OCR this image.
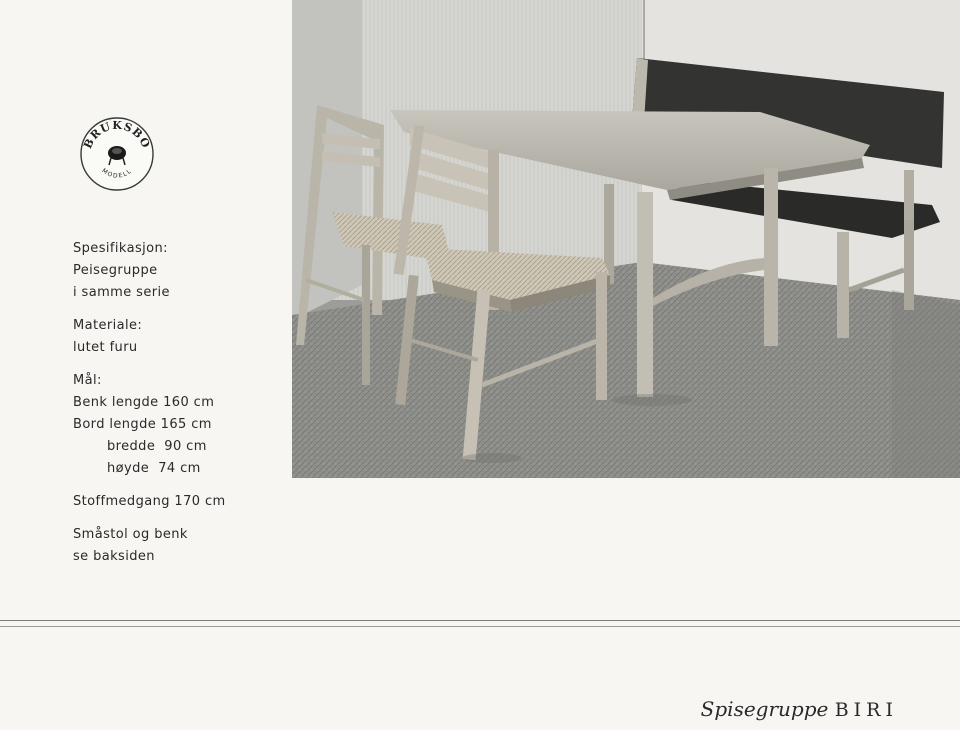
BRUKSBO
MODELL
Spesifikasjon:
Peisegruppe
i samme serie
Materiale:
lutet furu
Mål:
Benk lengde 160 cm
Bord lengde 165 cm
bredde  90 cm
høyde  74 cm
Stoffmedgang 170 cm
Småstol og benk
se baksiden
Spisegruppe BIRI
